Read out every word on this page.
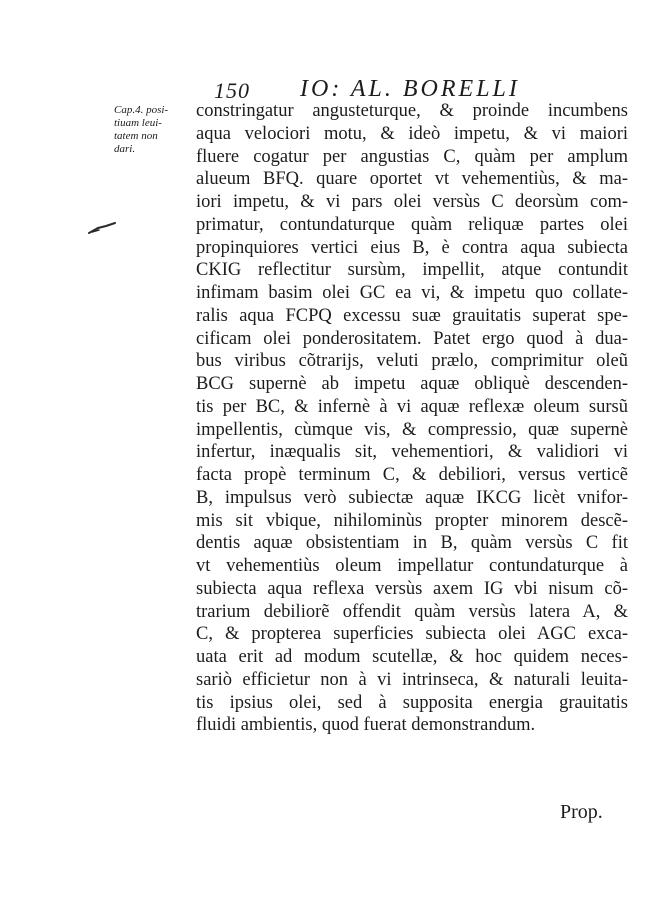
150 IO: AL. BORELLI
Cap.4. posi-
tiuam leui-
tatem non
dari.
constringatur angusteturque, & proinde incumbens
aqua velociori motu, & ideò impetu, & vi maiori
fluere cogatur per angustias C, quàm per amplum
alueum BFQ. quare oportet vt vehementiùs, & ma-
iori impetu, & vi pars olei versùs C deorsùm com-
primatur, contundaturque quàm reliquæ partes olei
propinquiores vertici eius B, è contra aqua subiecta
CKIG reflectitur sursùm, impellit, atque contundit
infimam basim olei GC ea vi, & impetu quo collate-
ralis aqua FCPQ excessu suæ grauitatis superat spe-
cificam olei ponderositatem. Patet ergo quod à dua-
bus viribus cõtrarijs, veluti prælo, comprimitur oleũ
BCG supernè ab impetu aquæ obliquè descenden-
tis per BC, & infernè à vi aquæ reflexæ oleum sursũ
impellentis, cùmque vis, & compressio, quæ supernè
infertur, inæqualis sit, vehementiori, & validiori vi
facta propè terminum C, & debiliori, versus verticẽ
B, impulsus verò subiectæ aquæ IKCG licèt vnifor-
mis sit vbique, nihilominùs propter minorem descẽ-
dentis aquæ obsistentiam in B, quàm versùs C fit
vt vehementiùs oleum impellatur contundaturque à
subiecta aqua reflexa versùs axem IG vbi nisum cõ-
trarium debiliorẽ offendit quàm versùs latera A, &
C, & propterea superficies subiecta olei AGC exca-
uata erit ad modum scutellæ, & hoc quidem neces-
sariò efficietur non à vi intrinseca, & naturali leuita-
tis ipsius olei, sed à supposita energia grauitatis
fluidi ambientis, quod fuerat demonstrandum.
Prop.
